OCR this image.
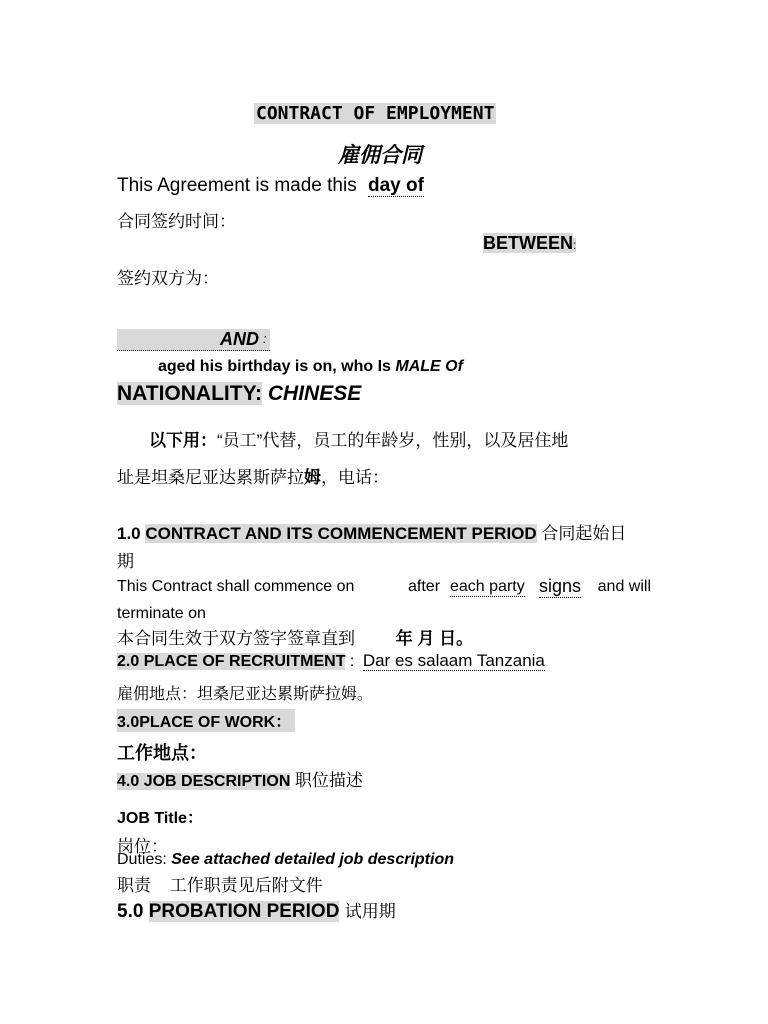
CONTRACT OF EMPLOYMENT
雇佣合同
This Agreement is made this day of
合同签约时间：
BETWEEN:
签约双方为：
AND :
aged his birthday is on, who Is MALE Of
NATIONALITY: CHINESE
以下用：“员工”代替，员工的年龄岁，性别，以及居住地
址是坦桑尼亚达累斯萨拉姆，电话：
1.0 CONTRACT AND ITS COMMENCEMENT PERIOD 合同起始日
期
This Contract shall commence on	after each party signs and will
terminate on
本合同生效于双方签字签章直到 年 月 日。
2.0 PLACE OF RECRUITMENT : Dar es salaam Tanzania
雇佣地点：坦桑尼亚达累斯萨拉姆。
3.0PLACE OF WORK：
工作地点：
4.0 JOB DESCRIPTION 职位描述
JOB Title：
岗位：
Duties: See attached detailed job description
职责 工作职责见后附文件
5.0 PROBATION PERIOD 试用期
